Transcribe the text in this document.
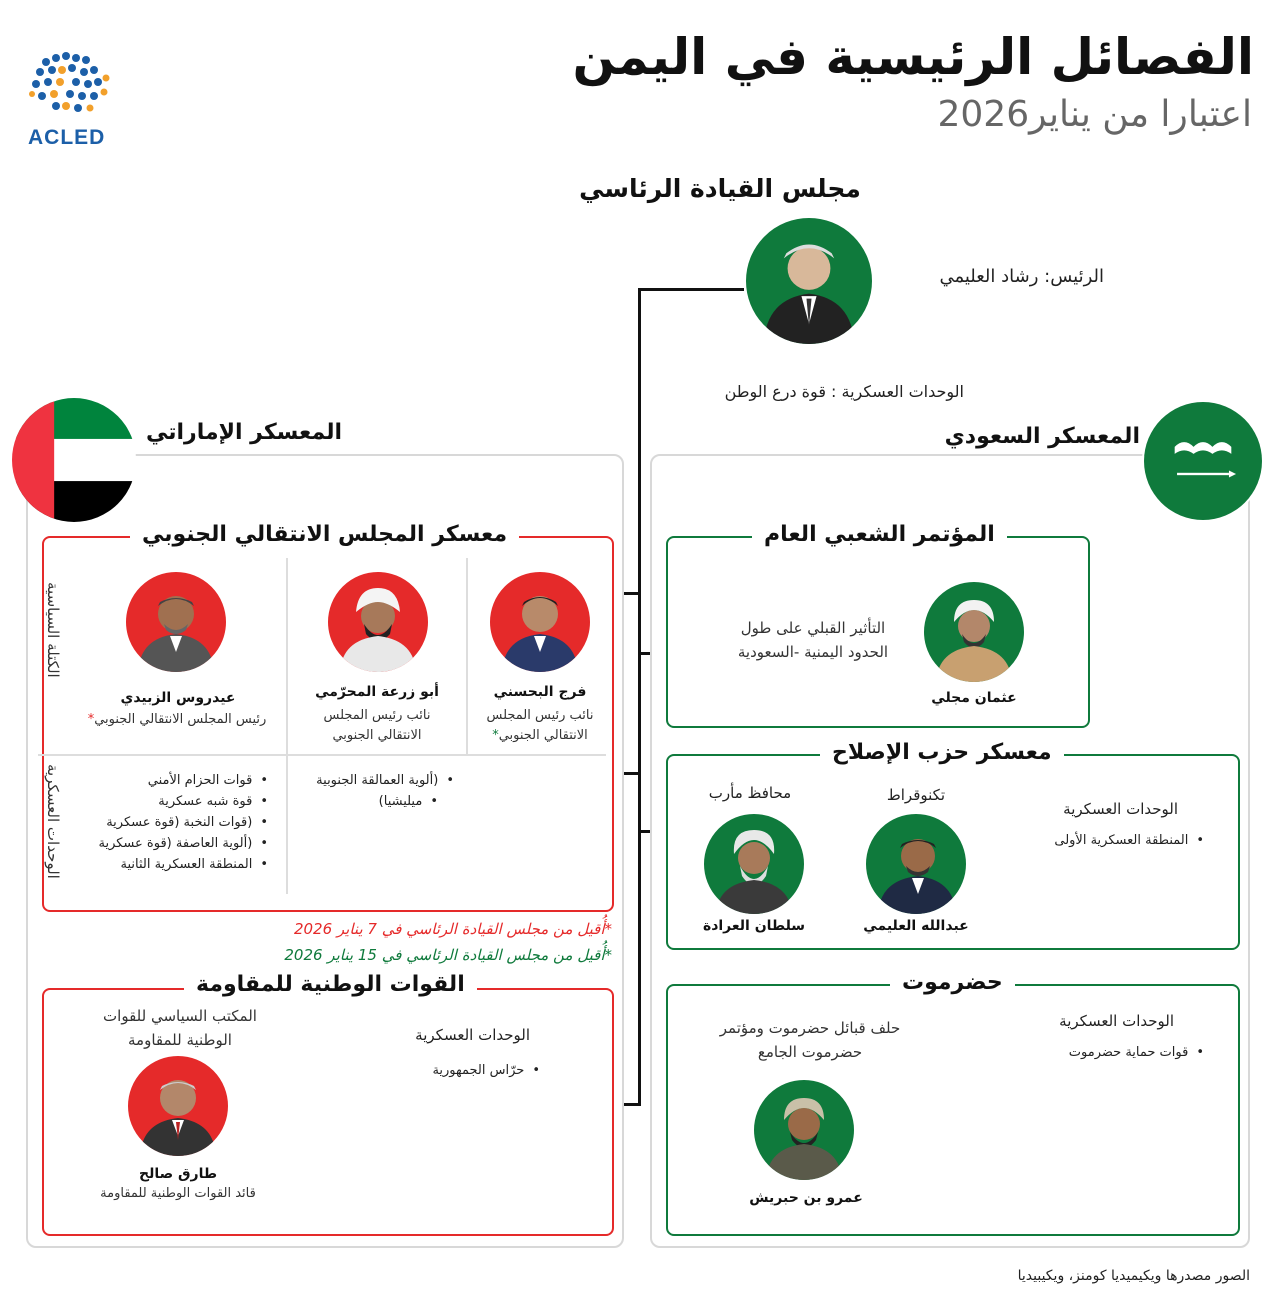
الفصائل الرئيسية في اليمن
اعتبارا من يناير2026
ACLED
مجلس القيادة الرئاسي
الرئيس: رشاد العليمي
الوحدات العسكرية : قوة درع الوطن
المعسكر الإماراتي
معسكر المجلس الانتقالي الجنوبي
الكتلة السياسية
الوحدات العسكرية
فرج البحسني
نائب رئيس المجلس
الانتقالي الجنوبي*
أبو زرعة المحرّمي
نائب رئيس المجلس
الانتقالي الجنوبي
عيدروس الزبيدي
رئيس المجلس الانتقالي الجنوبي*
• (ألوية العمالقة الجنوبية
• ميليشيا)
• قوات الحزام الأمني
• قوة شبه عسكرية
• (قوات النخبة (قوة عسكرية
• (ألوية العاصفة (قوة عسكرية
• المنطقة العسكرية الثانية
*أُقيل من مجلس القيادة الرئاسي في 7 يناير 2026
*أُقيل من مجلس القيادة الرئاسي في 15 يناير 2026
القوات الوطنية للمقاومة
المكتب السياسي للقوات الوطنية للمقاومة
طارق صالح
قائد القوات الوطنية للمقاومة
الوحدات العسكرية
• حرّاس الجمهورية
المعسكر السعودي
المؤتمر الشعبي العام
التأثير القبلي على طول
الحدود اليمنية -السعودية
عثمان مجلي
معسكر حزب الإصلاح
محافظ مأرب	تكنوقراط
سلطان العرادة	عبدالله العليمي
الوحدات العسكرية
• المنطقة العسكرية الأولى
حضرموت
حلف قبائل حضرموت ومؤتمر حضرموت الجامع
عمرو بن حبريش
الوحدات العسكرية
• قوات حماية حضرموت
الصور مصدرها ويكيميديا كومنز، ويكيبيديا
